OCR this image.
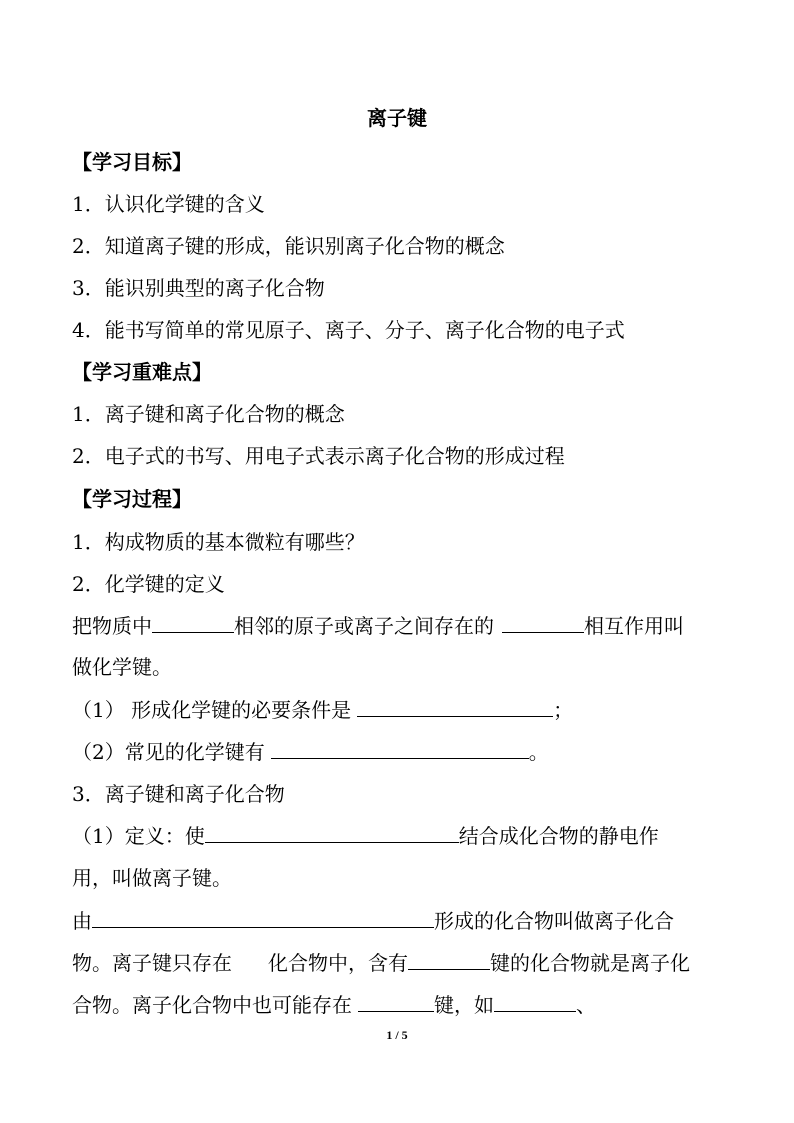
离子键
【学习目标】
1．认识化学键的含义
2．知道离子键的形成，能识别离子化合物的概念
3．能识别典型的离子化合物
4．能书写简单的常见原子、离子、分子、离子化合物的电子式
【学习重难点】
1．离子键和离子化合物的概念
2．电子式的书写、用电子式表示离子化合物的形成过程
【学习过程】
1．构成物质的基本微粒有哪些？
2．化学键的定义
把物质中	相邻的原子或离子之间存在的	相互作用叫
做化学键。
（1） 形成化学键的必要条件是	；
（2）常见的化学键有	。
3．离子键和离子化合物
（1）定义：使	结合成化合物的静电作
用，叫做离子键。
由	形成的化合物叫做离子化合
物。离子键只存在 化合物中，含有	键的化合物就是离子化
合物。离子化合物中也可能存在	键，如	、
1 / 5
